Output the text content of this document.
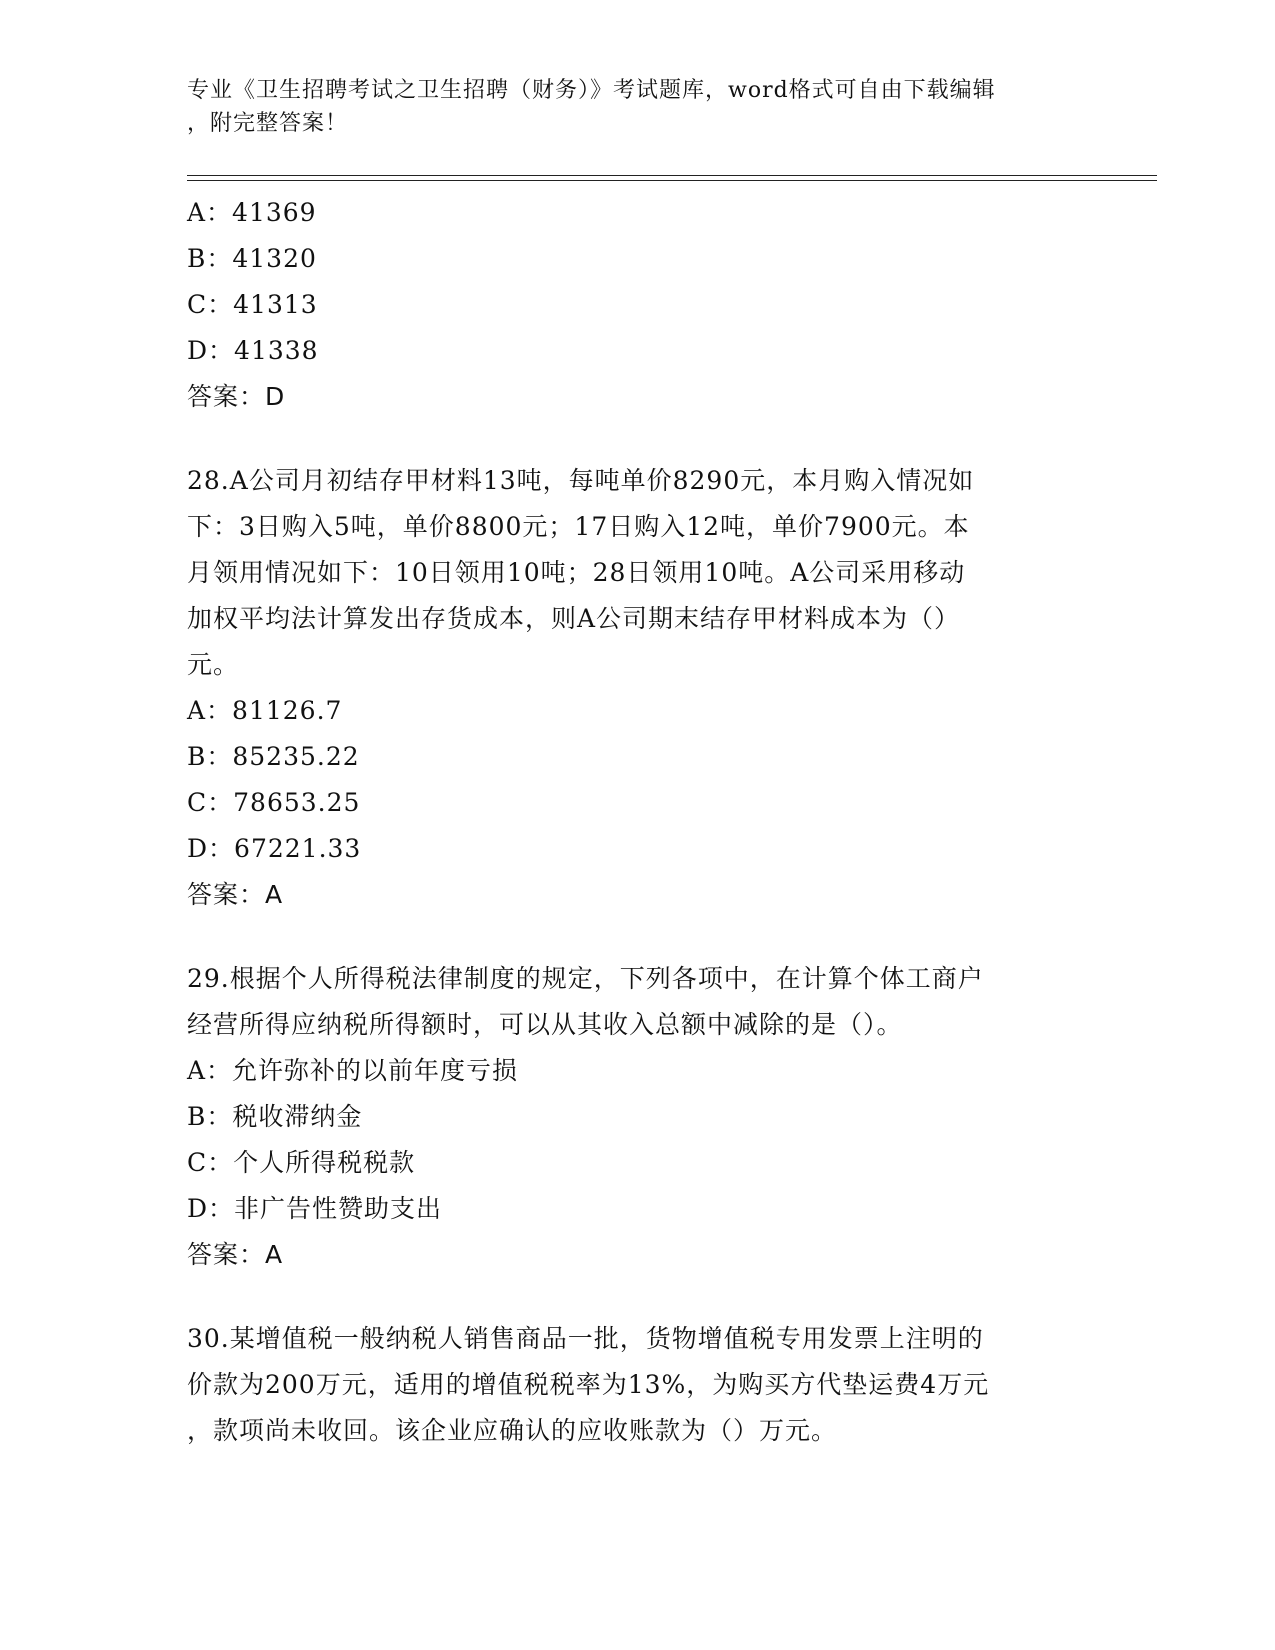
专业《卫生招聘考试之卫生招聘（财务）》考试题库，word格式可自由下载编辑
，附完整答案！

A：41369

B：41320

C：41313

D：41338

答案：D

28.A公司月初结存甲材料13吨，每吨单价8290元，本月购入情况如

下：3日购入5吨，单价8800元；17日购入12吨，单价7900元。本

月领用情况如下：10日领用10吨；28日领用10吨。A公司采用移动

加权平均法计算发出存货成本，则A公司期末结存甲材料成本为（）

元。

A：81126.7

B：85235.22

C：78653.25

D：67221.33

答案：A

29.根据个人所得税法律制度的规定，下列各项中，在计算个体工商户

经营所得应纳税所得额时，可以从其收入总额中减除的是（）。

A：允许弥补的以前年度亏损

B：税收滞纳金

C：个人所得税税款

D：非广告性赞助支出

答案：A

30.某增值税一般纳税人销售商品一批，货物增值税专用发票上注明的

价款为200万元，适用的增值税税率为13%，为购买方代垫运费4万元

，款项尚未收回。该企业应确认的应收账款为（）万元。
